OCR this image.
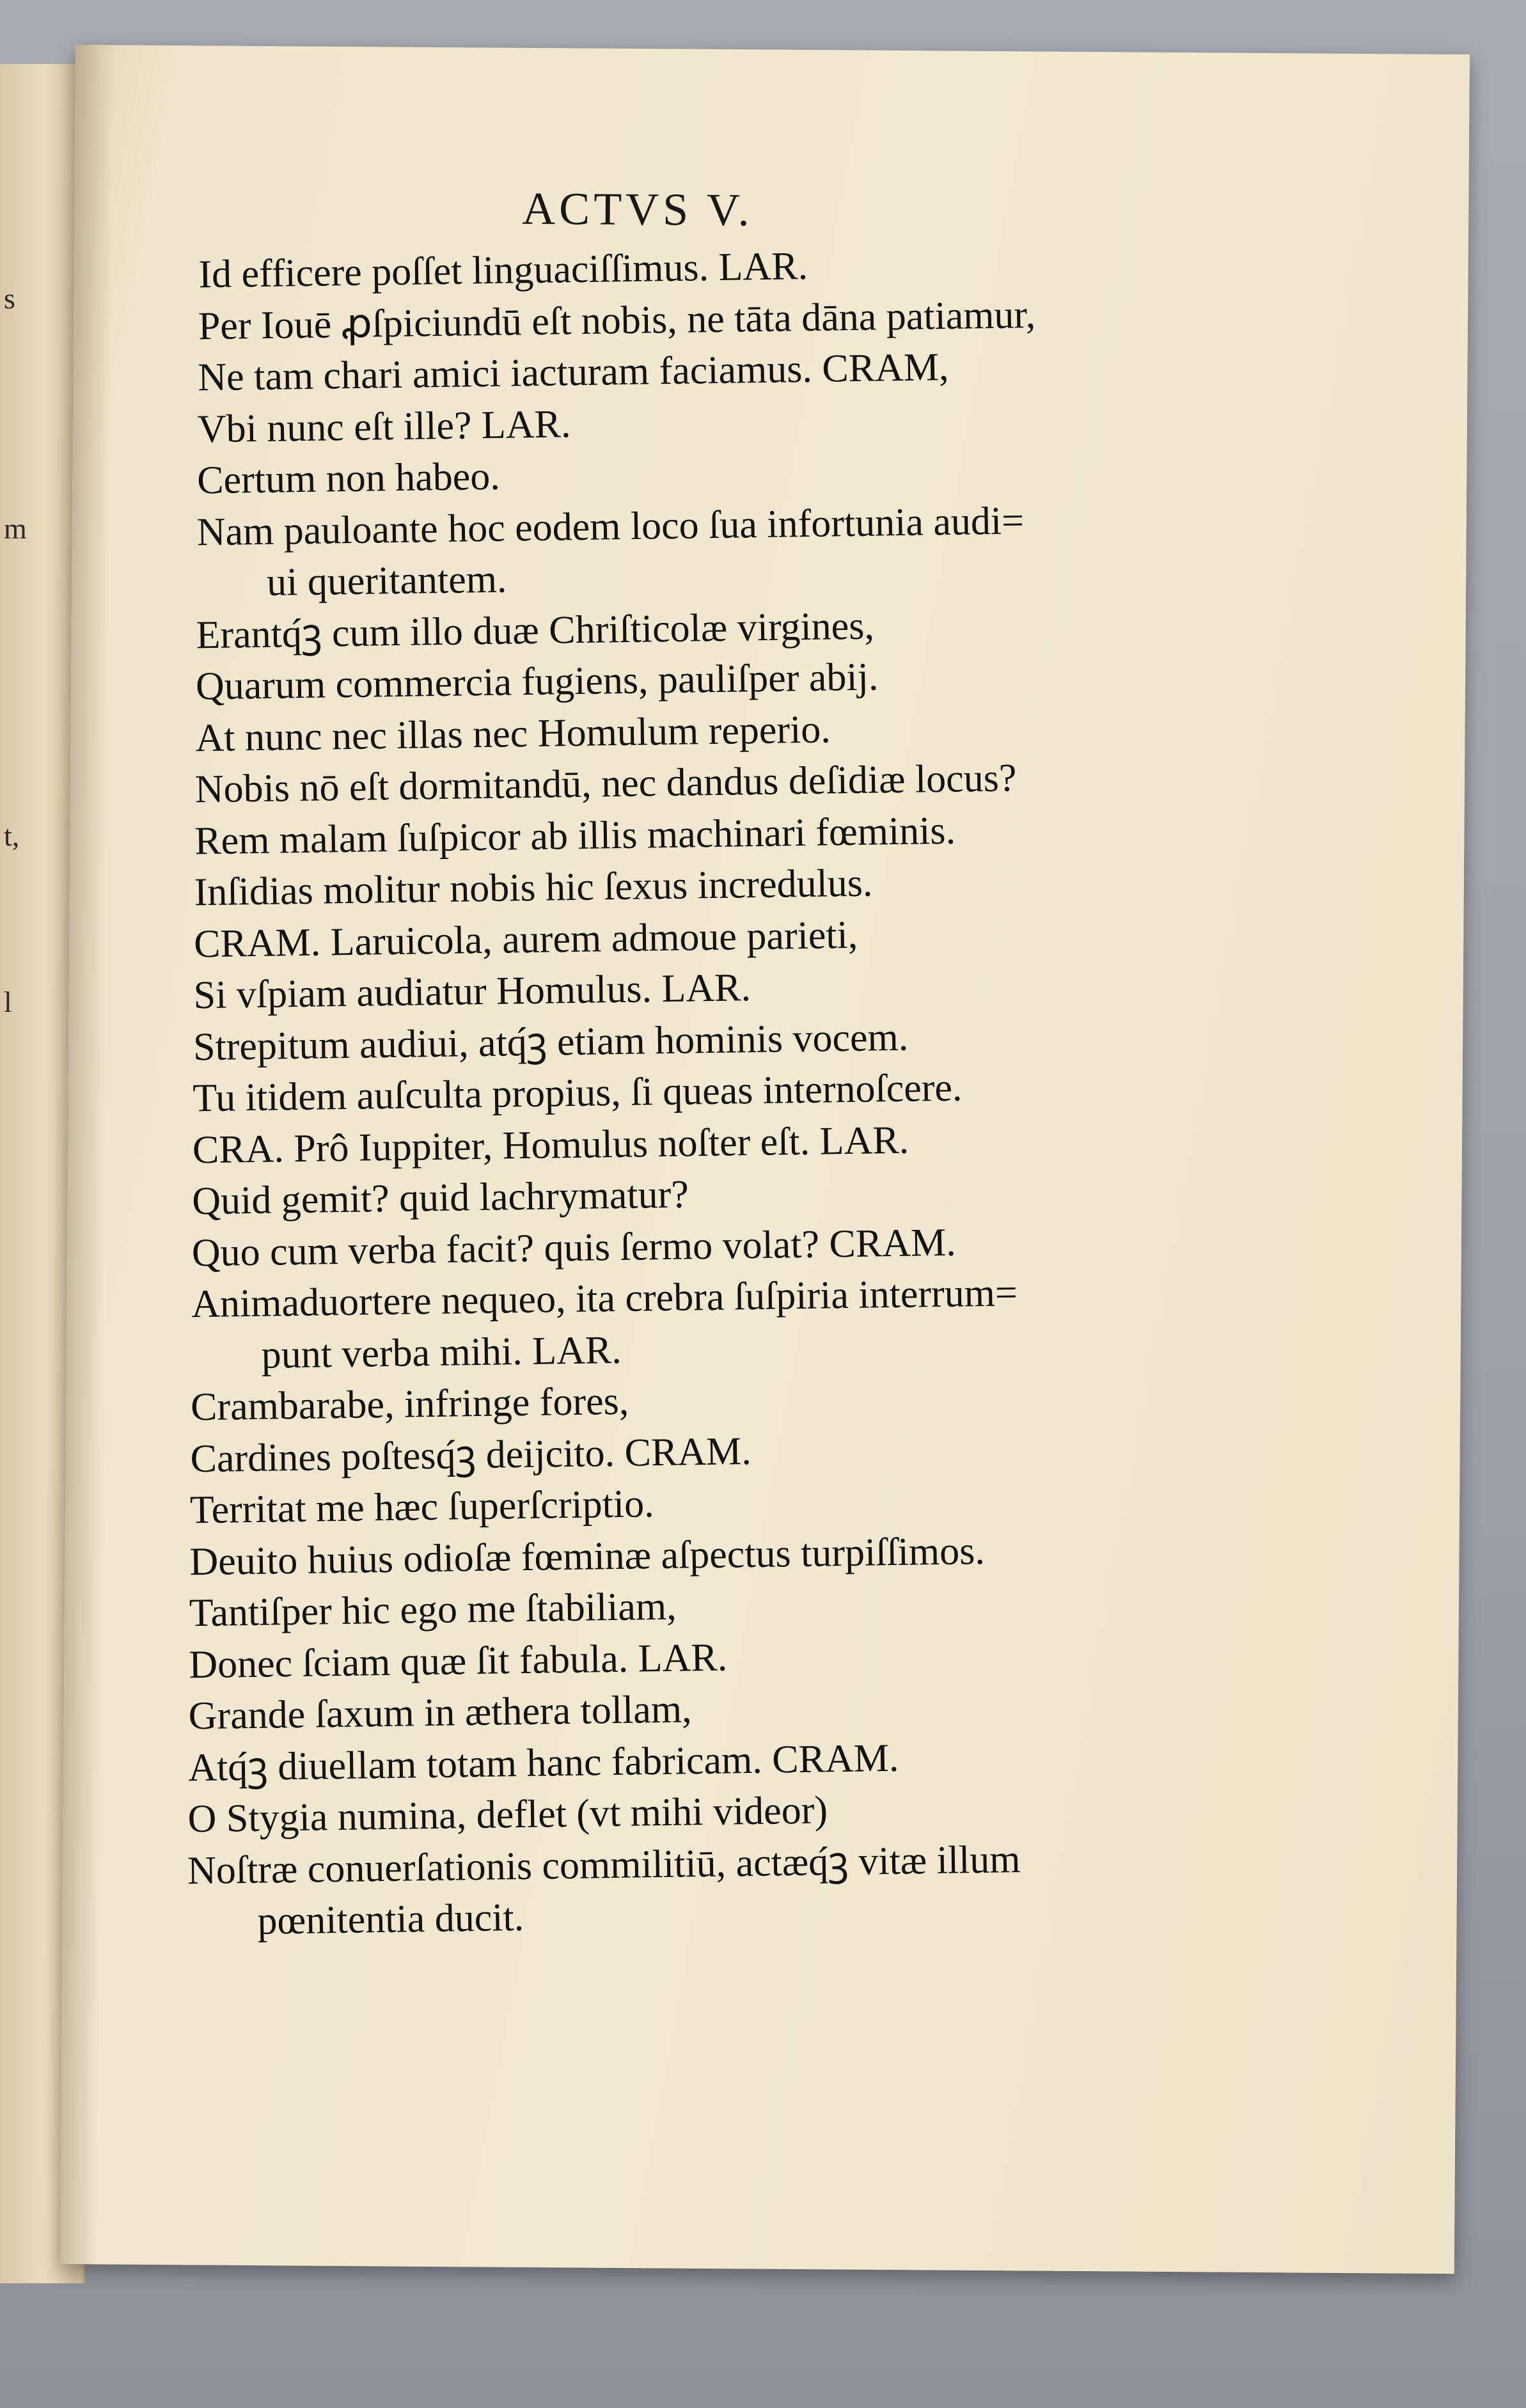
s
m
t,
l
ACTVS V.
Id efficere poſſet linguaciſſimus. LAR.
Per Iouē ꝓſpiciundū eſt nobis, ne tāta dāna patiamur,
Ne tam chari amici iacturam faciamus. CRAM,
Vbi nunc eſt ille? LAR.
Certum non habeo.
Nam pauloante hoc eodem loco ſua infortunia audi=
ui queritantem.
Erantq́ꝫ cum illo duæ Chriſticolæ virgines,
Quarum commercia fugiens, pauliſper abij.
At nunc nec illas nec Homulum reperio.
Nobis nō eſt dormitandū, nec dandus deſidiæ locus?
Rem malam ſuſpicor ab illis machinari fœminis.
Inſidias molitur nobis hic ſexus incredulus.
CRAM. Laruicola, aurem admoue parieti,
Si vſpiam audiatur Homulus. LAR.
Strepitum audiui, atq́ꝫ etiam hominis vocem.
Tu itidem auſculta propius, ſi queas internoſcere.
CRA. Prô Iuppiter, Homulus noſter eſt. LAR.
Quid gemit? quid lachrymatur?
Quo cum verba facit? quis ſermo volat? CRAM.
Animaduortere nequeo, ita crebra ſuſpiria interrum=
punt verba mihi. LAR.
Crambarabe, infringe fores,
Cardines poſtesq́ꝫ deijcito. CRAM.
Territat me hæc ſuperſcriptio.
Deuito huius odioſæ fœminæ aſpectus turpiſſimos.
Tantiſper hic ego me ſtabiliam,
Donec ſciam quæ ſit fabula. LAR.
Grande ſaxum in æthera tollam,
Atq́ꝫ diuellam totam hanc fabricam. CRAM.
O Stygia numina, deflet (vt mihi videor)
Noſtræ conuerſationis commilitiū, actæq́ꝫ vitæ illum
pœnitentia ducit.
